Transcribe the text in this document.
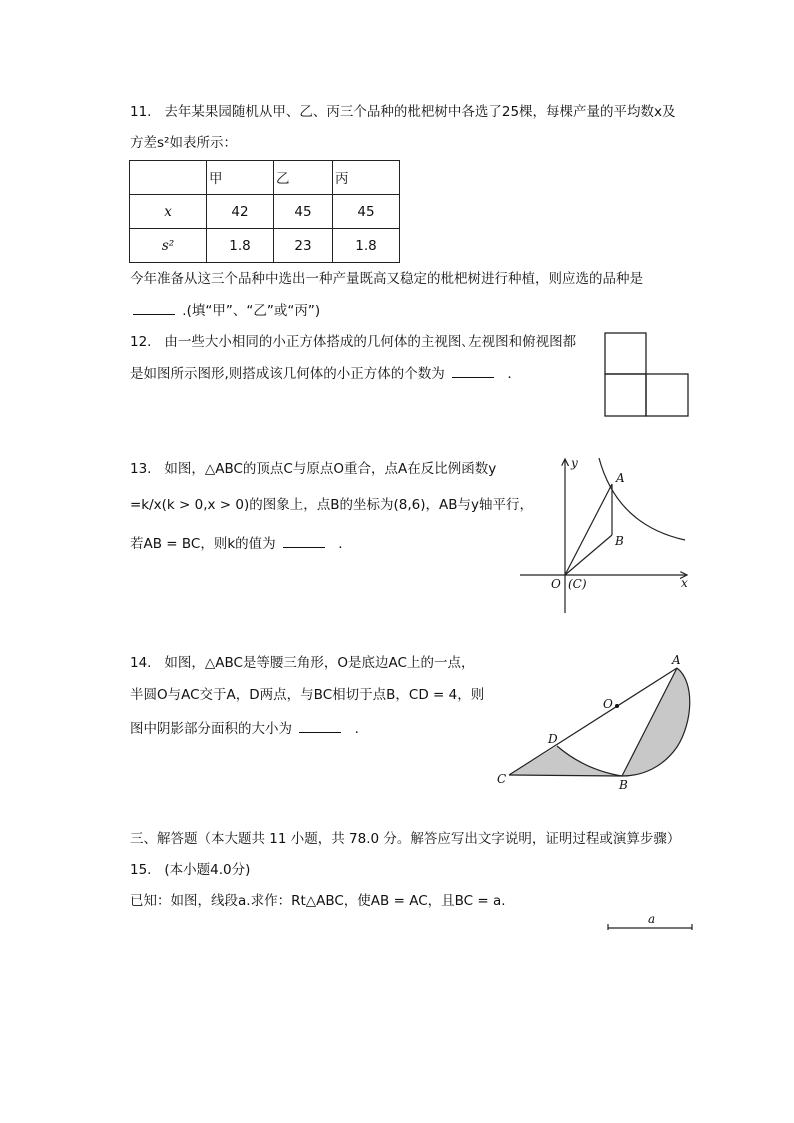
11. 去年某果园随机从甲、乙、丙三个品种的枇杷树中各选了25棵，每棵产量的平均数x及
方差s²如表所示：
	甲	乙	丙
x	42	45	45
s²	1.8	23	1.8
今年准备从这三个品种中选出一种产量既高又稳定的枇杷树进行种植，则应选的品种是
.(填“甲”、“乙”或“丙”)
12. 由一些大小相同的小正方体搭成的几何体的主视图､左视图和俯视图都
是如图所示图形,则搭成该几何体的小正方体的个数为	.
13. 如图，△ABC的顶点C与原点O重合，点A在反比例函数y
=k/x(k > 0,x > 0)的图象上，点B的坐标为(8,6)，AB与y轴平行，
若AB = BC，则k的值为	.
y
x
A
B
O (C)
14. 如图，△ABC是等腰三角形，O是底边AC上的一点，
半圆O与AC交于A，D两点，与BC相切于点B，CD = 4，则
图中阴影部分面积的大小为	.
A
O
D
C	B
三、解答题（本大题共 11 小题，共 78.0 分。解答应写出文字说明，证明过程或演算步骤）
15. (本小题4.0分)
已知：如图，线段a.求作：Rt△ABC，使AB = AC，且BC = a.
a
